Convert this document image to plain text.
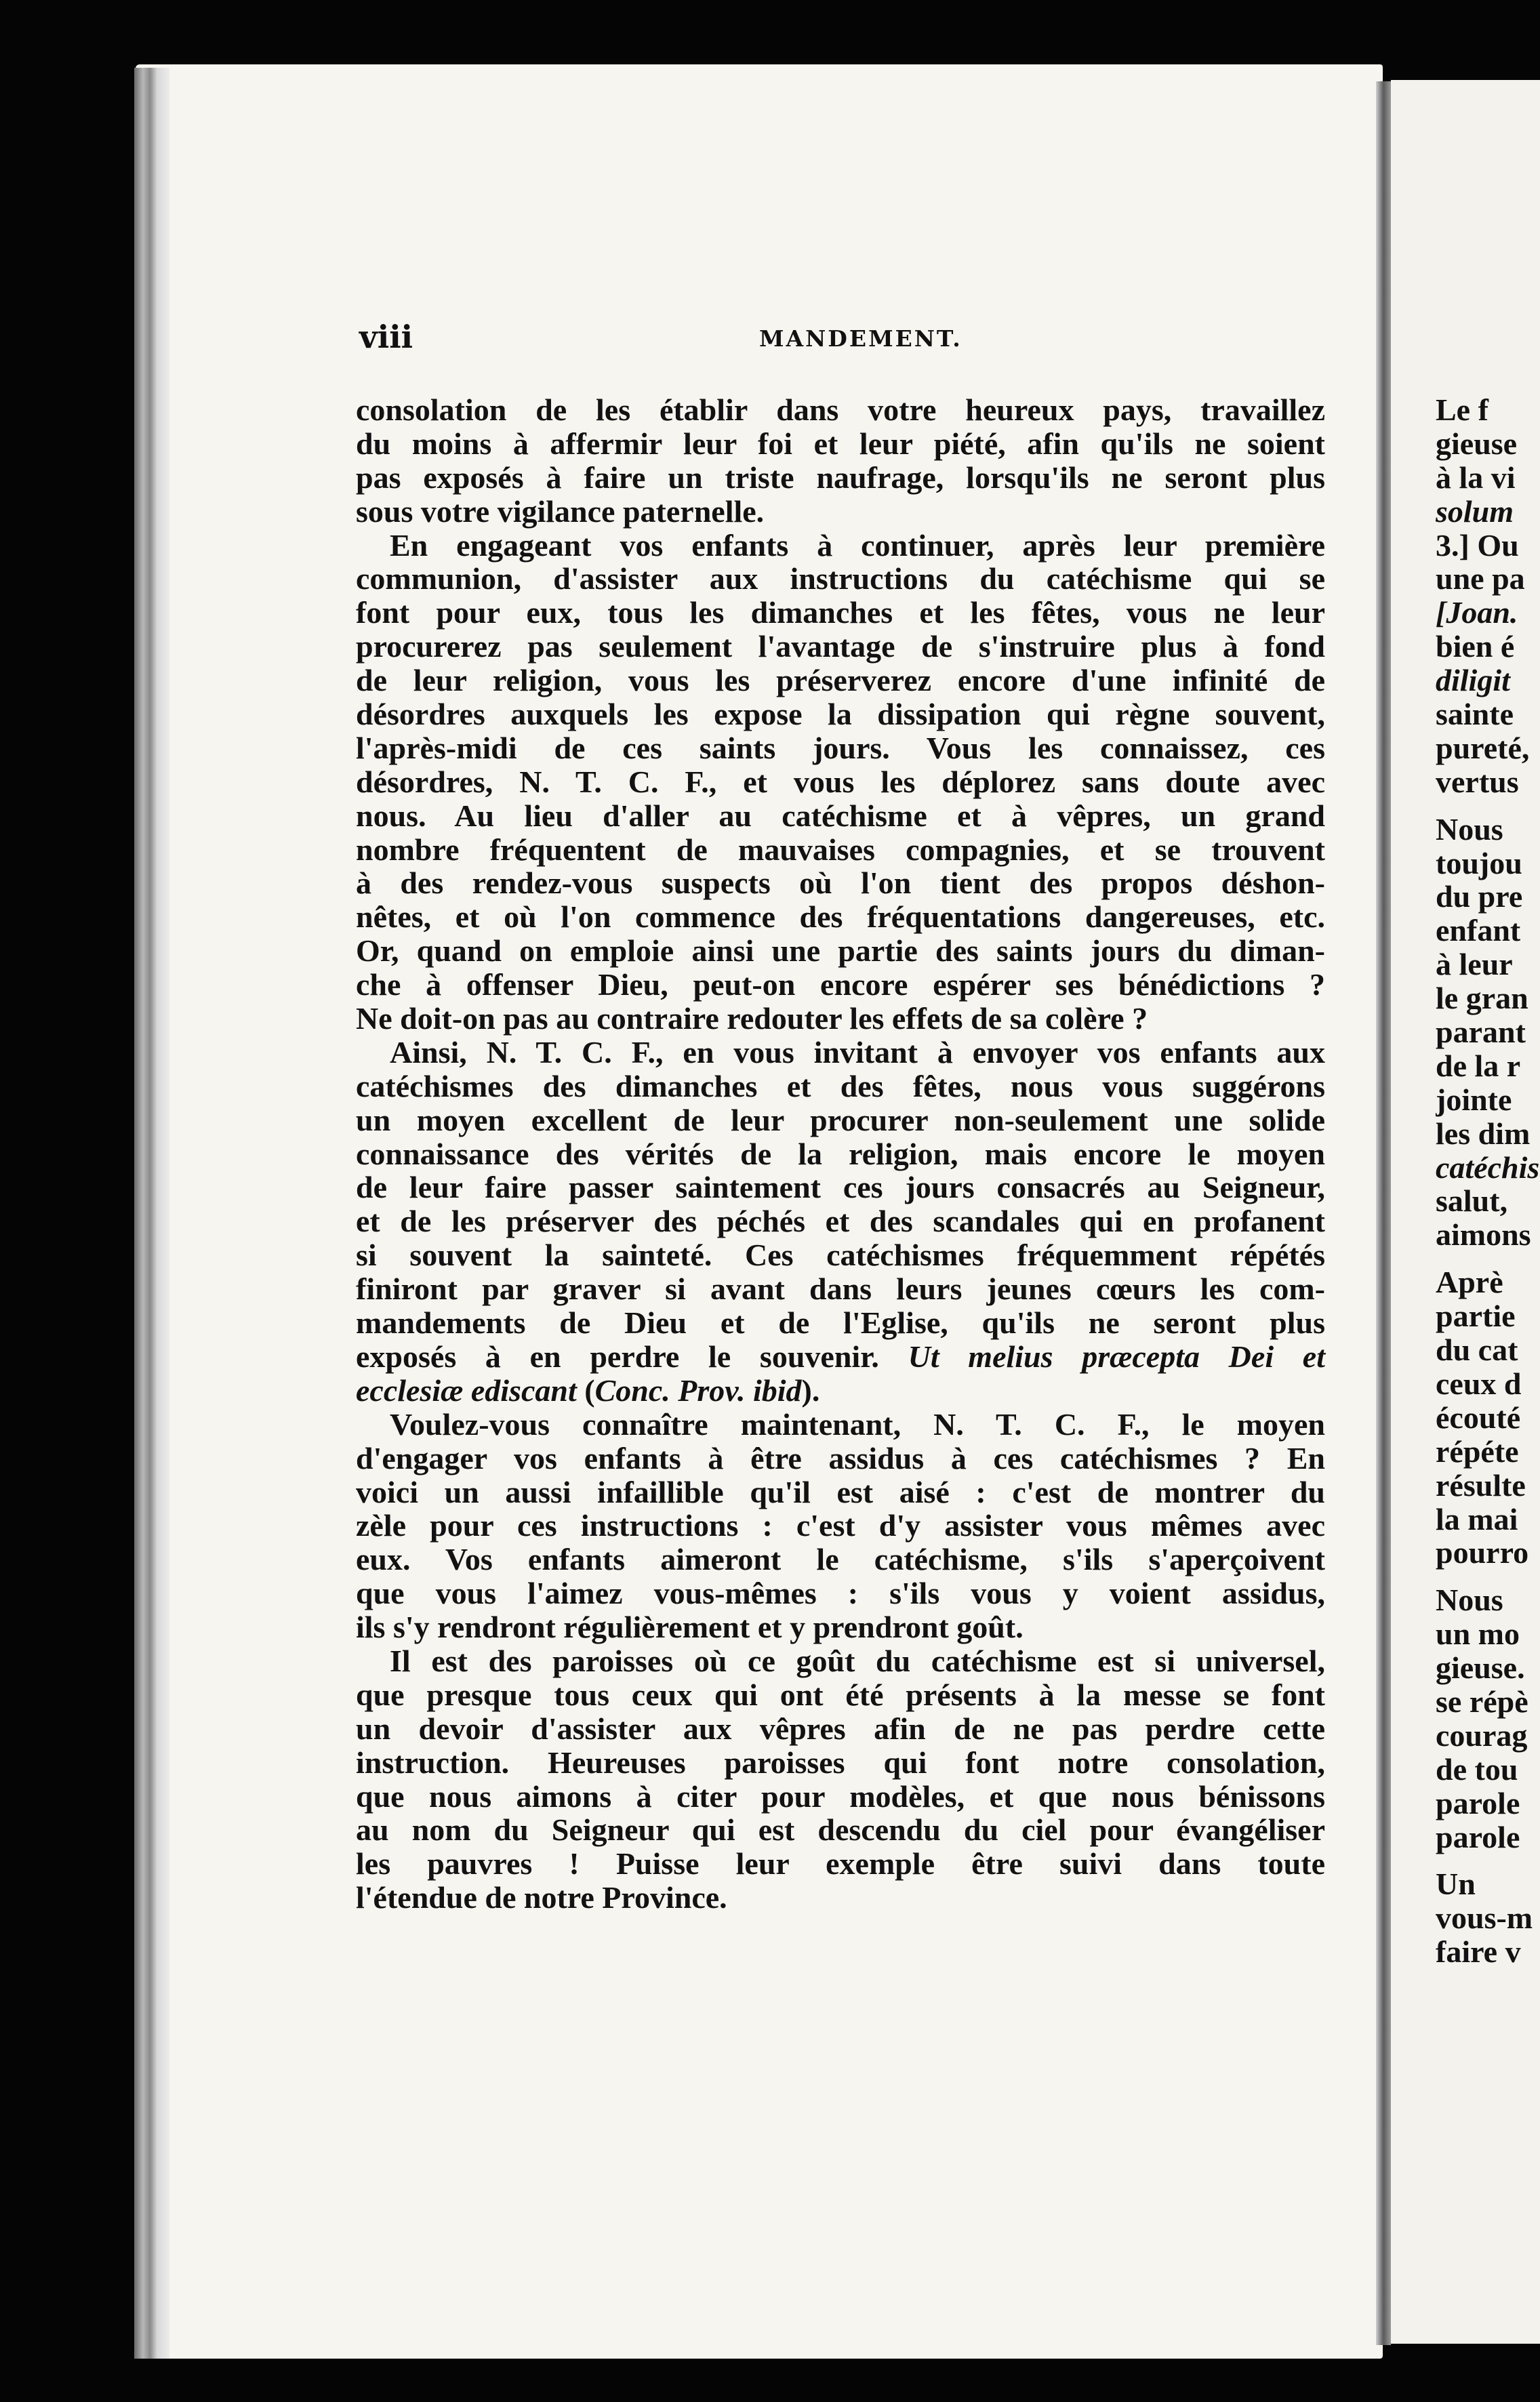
viii	MANDEMENT.
consolation de les établir dans votre heureux pays, travaillez
du moins à affermir leur foi et leur piété, afin qu'ils ne soient
pas exposés à faire un triste naufrage, lorsqu'ils ne seront plus
sous votre vigilance paternelle.
En engageant vos enfants à continuer, après leur première
communion, d'assister aux instructions du catéchisme qui se
font pour eux, tous les dimanches et les fêtes, vous ne leur
procurerez pas seulement l'avantage de s'instruire plus à fond
de leur religion, vous les préserverez encore d'une infinité de
désordres auxquels les expose la dissipation qui règne souvent,
l'après-midi de ces saints jours. Vous les connaissez, ces
désordres, N. T. C. F., et vous les déplorez sans doute avec
nous. Au lieu d'aller au catéchisme et à vêpres, un grand
nombre fréquentent de mauvaises compagnies, et se trouvent
à des rendez-vous suspects où l'on tient des propos déshon-
nêtes, et où l'on commence des fréquentations dangereuses, etc.
Or, quand on emploie ainsi une partie des saints jours du diman-
che à offenser Dieu, peut-on encore espérer ses bénédictions ?
Ne doit-on pas au contraire redouter les effets de sa colère ?
Ainsi, N. T. C. F., en vous invitant à envoyer vos enfants aux
catéchismes des dimanches et des fêtes, nous vous suggérons
un moyen excellent de leur procurer non-seulement une solide
connaissance des vérités de la religion, mais encore le moyen
de leur faire passer saintement ces jours consacrés au Seigneur,
et de les préserver des péchés et des scandales qui en profanent
si souvent la sainteté. Ces catéchismes fréquemment répétés
finiront par graver si avant dans leurs jeunes cœurs les com-
mandements de Dieu et de l'Eglise, qu'ils ne seront plus
exposés à en perdre le souvenir. Ut melius præcepta Dei et
ecclesiæ ediscant (Conc. Prov. ibid).
Voulez-vous connaître maintenant, N. T. C. F., le moyen
d'engager vos enfants à être assidus à ces catéchismes ? En
voici un aussi infaillible qu'il est aisé : c'est de montrer du
zèle pour ces instructions : c'est d'y assister vous mêmes avec
eux. Vos enfants aimeront le catéchisme, s'ils s'aperçoivent
que vous l'aimez vous-mêmes : s'ils vous y voient assidus,
ils s'y rendront régulièrement et y prendront goût.
Il est des paroisses où ce goût du catéchisme est si universel,
que presque tous ceux qui ont été présents à la messe se font
un devoir d'assister aux vêpres afin de ne pas perdre cette
instruction. Heureuses paroisses qui font notre consolation,
que nous aimons à citer pour modèles, et que nous bénissons
au nom du Seigneur qui est descendu du ciel pour évangéliser
les pauvres ! Puisse leur exemple être suivi dans toute
l'étendue de notre Province.
Le f
gieuse
à la vi
solum
3.] Ou
une pa
[Joan.
bien é
diligit
sainte
pureté,
vertus
Nous
toujou
du pre
enfant
à leur
le gran
parant
de la r
jointe
les dim
catéchis
salut,
aimons
Aprè
partie
du cat
ceux d
écouté
répéte
résulte
la mai
pourro
Nous
un mo
gieuse.
se répè
courag
de tou
parole
parole
Un
vous-m
faire v
